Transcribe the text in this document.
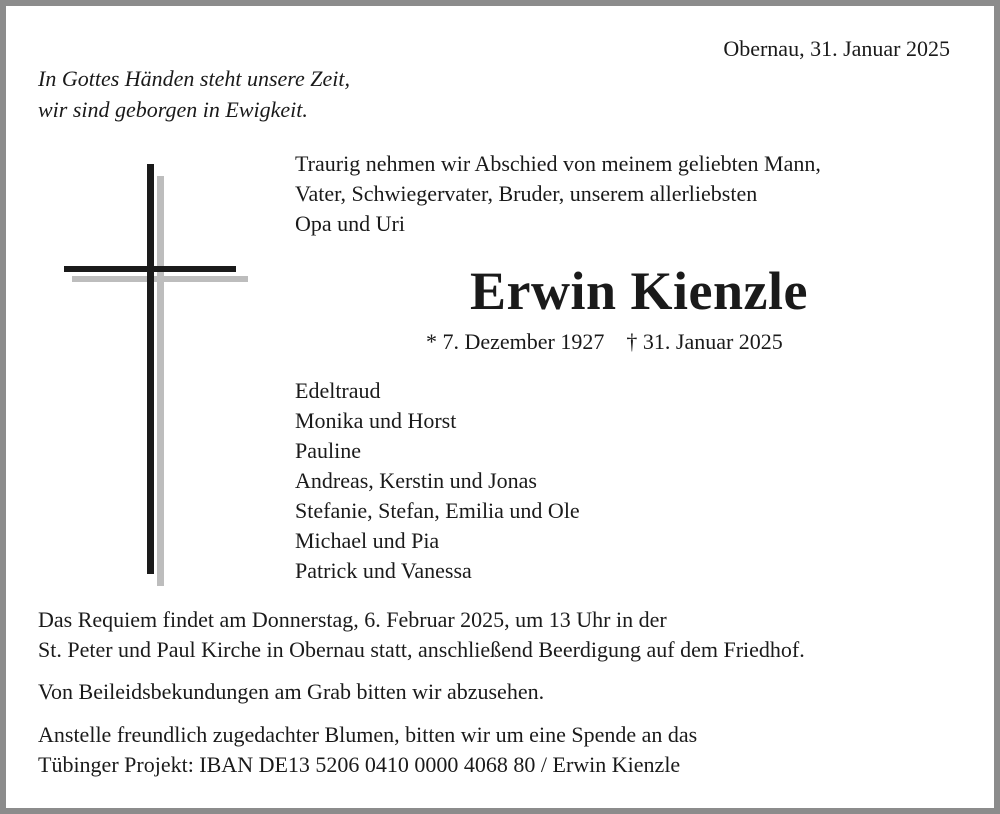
Obernau, 31. Januar 2025
In Gottes Händen steht unsere Zeit,
wir sind geborgen in Ewigkeit.
Traurig nehmen wir Abschied von meinem geliebten Mann,
Vater, Schwiegervater, Bruder, unserem allerliebsten
Opa und Uri
Erwin Kienzle
* 7. Dezember 1927 † 31. Januar 2025
Edeltraud
Monika und Horst
Pauline
Andreas, Kerstin und Jonas
Stefanie, Stefan, Emilia und Ole
Michael und Pia
Patrick und Vanessa
Das Requiem findet am Donnerstag, 6. Februar 2025, um 13 Uhr in der
St. Peter und Paul Kirche in Obernau statt, anschließend Beerdigung auf dem Friedhof.
Von Beileidsbekundungen am Grab bitten wir abzusehen.
Anstelle freundlich zugedachter Blumen, bitten wir um eine Spende an das
Tübinger Projekt: IBAN DE13 5206 0410 0000 4068 80 / Erwin Kienzle
